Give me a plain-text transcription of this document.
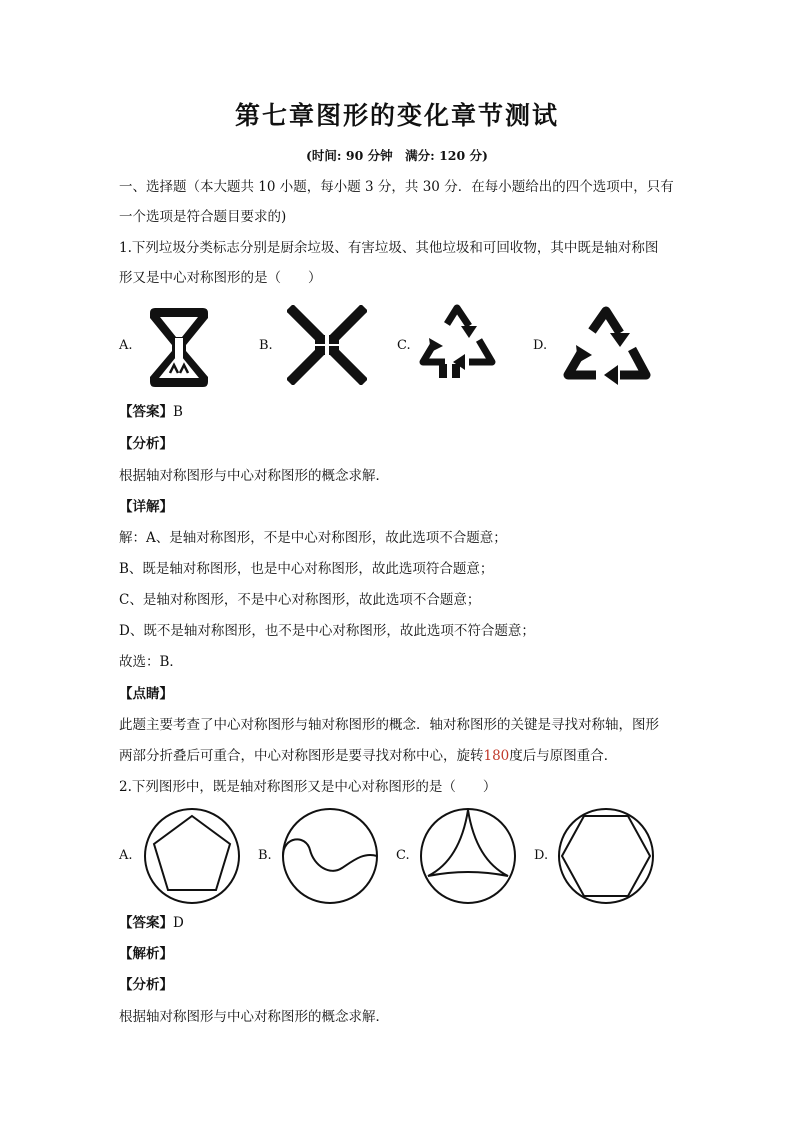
第七章图形的变化章节测试
(时间: 90 分钟　满分: 120 分)
一、选择题（本大题共 10 小题，每小题 3 分，共 30 分．在每小题给出的四个选项中，只有
一个选项是符合题目要求的)
1.下列垃圾分类标志分别是厨余垃圾、有害垃圾、其他垃圾和可回收物，其中既是轴对称图
形又是中心对称图形的是（　　）
A.	B.	C.	D.
【答案】B
【分析】
根据轴对称图形与中心对称图形的概念求解．
【详解】
解：A、是轴对称图形，不是中心对称图形，故此选项不合题意；
B、既是轴对称图形，也是中心对称图形，故此选项符合题意；
C、是轴对称图形，不是中心对称图形，故此选项不合题意；
D、既不是轴对称图形，也不是中心对称图形，故此选项不符合题意；
故选：B．
【点睛】
此题主要考查了中心对称图形与轴对称图形的概念．轴对称图形的关键是寻找对称轴，图形
两部分折叠后可重合，中心对称图形是要寻找对称中心，旋转180度后与原图重合．
2.下列图形中，既是轴对称图形又是中心对称图形的是（　　）
A.	B.	C.	D.
【答案】D
【解析】
【分析】
根据轴对称图形与中心对称图形的概念求解．
